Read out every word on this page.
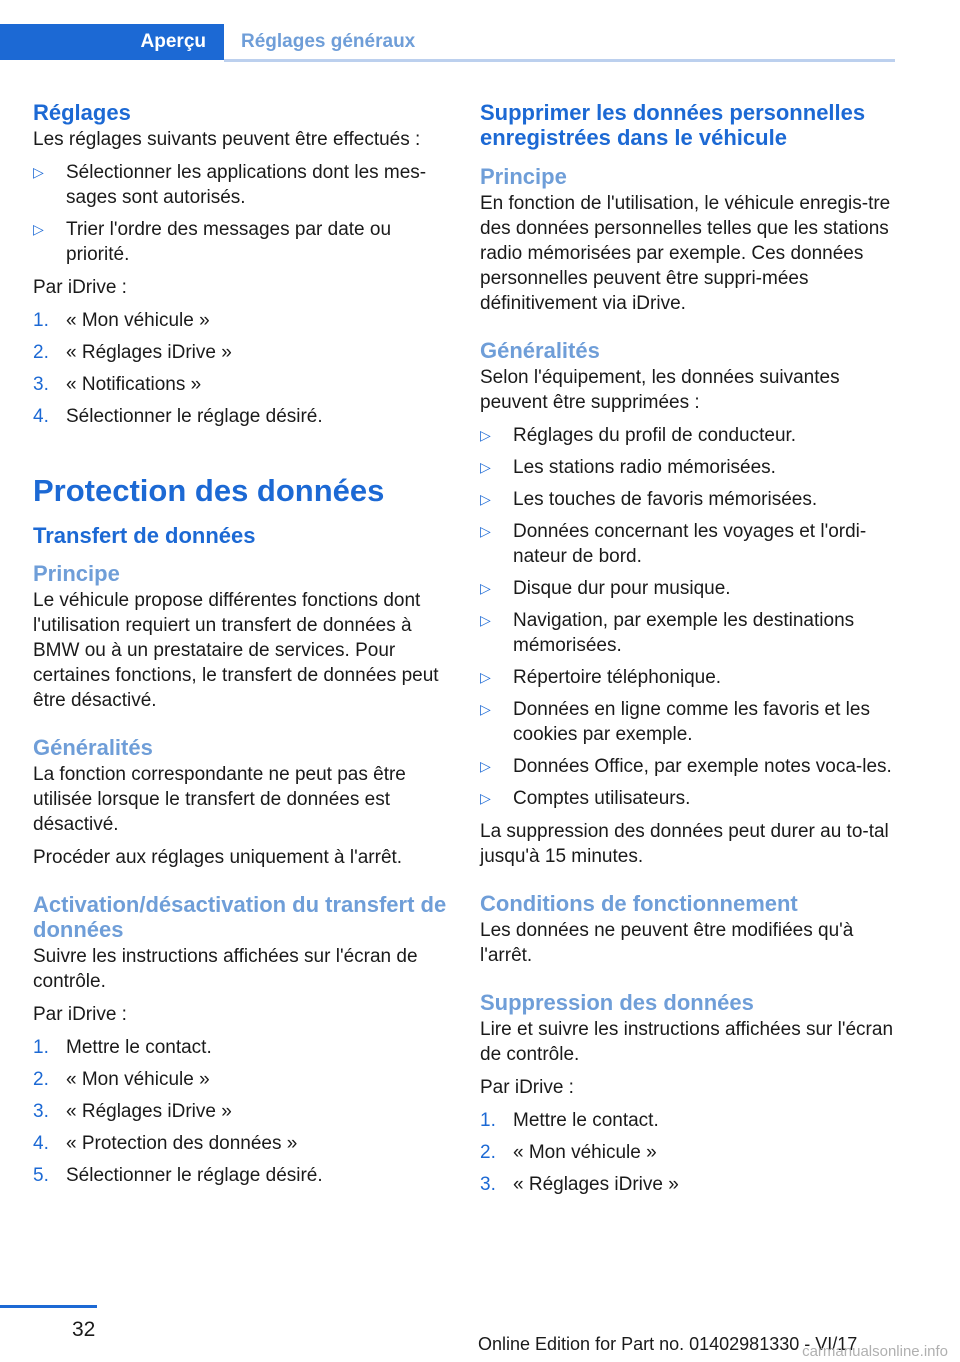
Aperçu	Réglages généraux
Réglages
Les réglages suivants peuvent être effectués :
▷ Sélectionner les applications dont les mes‐sages sont autorisés.
▷ Trier l'ordre des messages par date ou priorité.
Par iDrive :
1. « Mon véhicule »
2. « Réglages iDrive »
3. « Notifications »
4. Sélectionner le réglage désiré.
Protection des données
Transfert de données
Principe
Le véhicule propose différentes fonctions dont l'utilisation requiert un transfert de données à BMW ou à un prestataire de services. Pour certaines fonctions, le transfert de données peut être désactivé.
Généralités
La fonction correspondante ne peut pas être utilisée lorsque le transfert de données est désactivé.
Procéder aux réglages uniquement à l'arrêt.
Activation/désactivation du transfert de données
Suivre les instructions affichées sur l'écran de contrôle.
Par iDrive :
1. Mettre le contact.
2. « Mon véhicule »
3. « Réglages iDrive »
4. « Protection des données »
5. Sélectionner le réglage désiré.
Supprimer les données personnelles enregistrées dans le véhicule
Principe
En fonction de l'utilisation, le véhicule enregis‐tre des données personnelles telles que les stations radio mémorisées par exemple. Ces données personnelles peuvent être suppri‐mées définitivement via iDrive.
Généralités
Selon l'équipement, les données suivantes peuvent être supprimées :
▷ Réglages du profil de conducteur.
▷ Les stations radio mémorisées.
▷ Les touches de favoris mémorisées.
▷ Données concernant les voyages et l'ordi‐nateur de bord.
▷ Disque dur pour musique.
▷ Navigation, par exemple les destinations mémorisées.
▷ Répertoire téléphonique.
▷ Données en ligne comme les favoris et les cookies par exemple.
▷ Données Office, par exemple notes voca‐les.
▷ Comptes utilisateurs.
La suppression des données peut durer au to‐tal jusqu'à 15 minutes.
Conditions de fonctionnement
Les données ne peuvent être modifiées qu'à l'arrêt.
Suppression des données
Lire et suivre les instructions affichées sur l'écran de contrôle.
Par iDrive :
1. Mettre le contact.
2. « Mon véhicule »
3. « Réglages iDrive »
32
Online Edition for Part no. 01402981330 - VI/17
carmanualsonline.info
